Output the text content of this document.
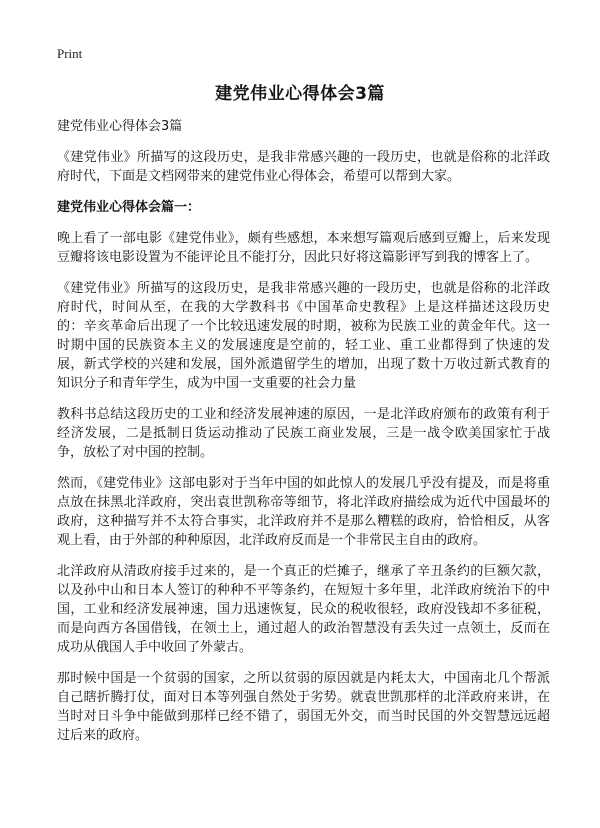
Print
建党伟业心得体会3篇

建党伟业心得体会3篇

《建党伟业》所描写的这段历史，是我非常感兴趣的一段历史，也就是俗称的北洋政府时代，下面是文档网带来的建党伟业心得体会，希望可以帮到大家。

建党伟业心得体会篇一：

晚上看了一部电影《建党伟业》，颇有些感想，本来想写篇观后感到豆瓣上，后来发现豆瓣将该电影设置为不能评论且不能打分，因此只好将这篇影评写到我的博客上了。

《建党伟业》所描写的这段历史，是我非常感兴趣的一段历史，也就是俗称的北洋政府时代，时间从至，在我的大学教科书《中国革命史教程》上是这样描述这段历史的：辛亥革命后出现了一个比较迅速发展的时期，被称为民族工业的黄金年代。这一时期中国的民族资本主义的发展速度是空前的，轻工业、重工业都得到了快速的发展，新式学校的兴建和发展，国外派遣留学生的增加，出现了数十万收过新式教育的知识分子和青年学生，成为中国一支重要的社会力量

教科书总结这段历史的工业和经济发展神速的原因，一是北洋政府颁布的政策有利于经济发展，二是抵制日货运动推动了民族工商业发展，三是一战令欧美国家忙于战争，放松了对中国的控制。

然而，《建党伟业》这部电影对于当年中国的如此惊人的发展几乎没有提及，而是将重点放在抹黑北洋政府，突出袁世凯称帝等细节，将北洋政府描绘成为近代中国最坏的政府，这种描写并不太符合事实，北洋政府并不是那么糟糕的政府，恰恰相反，从客观上看，由于外部的种种原因，北洋政府反而是一个非常民主自由的政府。

北洋政府从清政府接手过来的，是一个真正的烂摊子，继承了辛丑条约的巨额欠款，以及孙中山和日本人签订的种种不平等条约，在短短十多年里，北洋政府统治下的中国，工业和经济发展神速，国力迅速恢复，民众的税收很轻，政府没钱却不多征税，而是向西方各国借钱，在领土上，通过超人的政治智慧没有丢失过一点领土，反而在成功从俄国人手中收回了外蒙古。

那时候中国是一个贫弱的国家，之所以贫弱的原因就是内耗太大，中国南北几个帮派自己瞎折腾打仗，面对日本等列强自然处于劣势。就袁世凯那样的北洋政府来讲，在当时对日斗争中能做到那样已经不错了，弱国无外交，而当时民国的外交智慧远远超过后来的政府。
